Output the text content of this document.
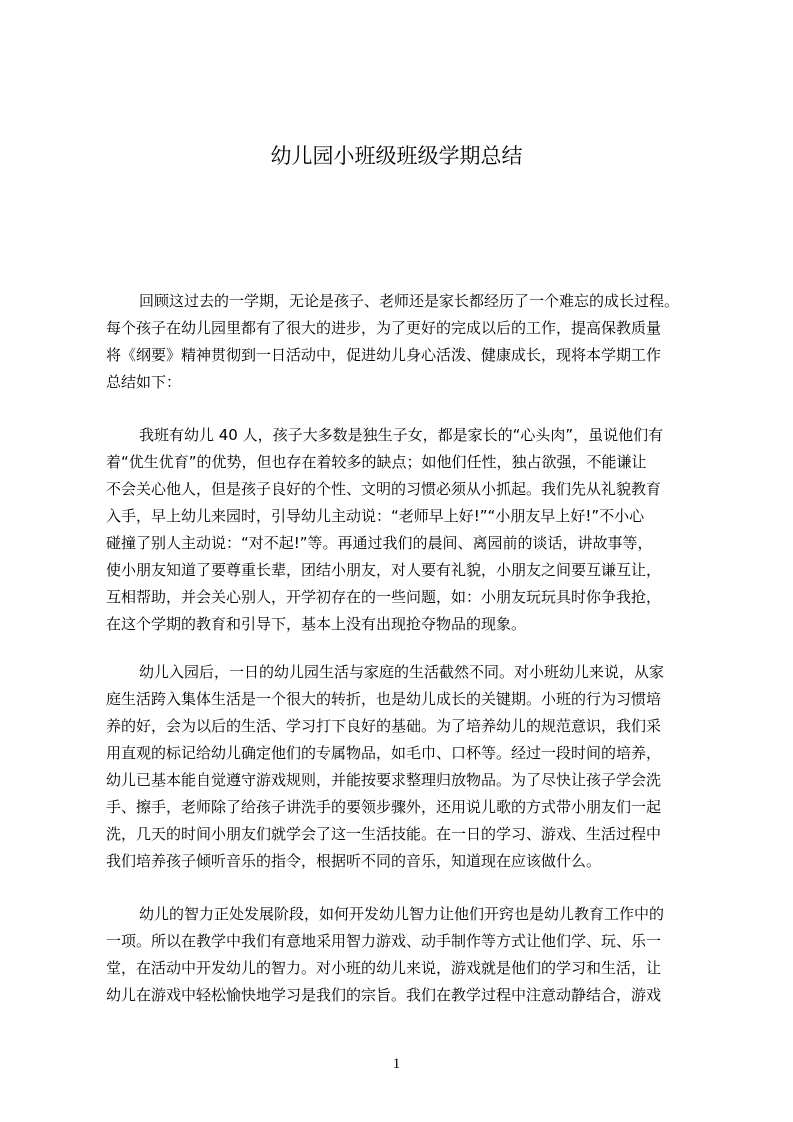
幼儿园小班级班级学期总结
回顾这过去的一学期，无论是孩子、老师还是家长都经历了一个难忘的成长过程。
每个孩子在幼儿园里都有了很大的进步，为了更好的完成以后的工作，提高保教质量
将《纲要》精神贯彻到一日活动中，促进幼儿身心活泼、健康成长，现将本学期工作
总结如下：
我班有幼儿 40 人，孩子大多数是独生子女，都是家长的“心头肉”，虽说他们有
着“优生优育”的优势，但也存在着较多的缺点；如他们任性，独占欲强，不能谦让
不会关心他人，但是孩子良好的个性、文明的习惯必须从小抓起。我们先从礼貌教育
入手，早上幼儿来园时，引导幼儿主动说：“老师早上好!”“小朋友早上好!”不小心
碰撞了别人主动说：“对不起!”等。再通过我们的晨间、离园前的谈话，讲故事等，
使小朋友知道了要尊重长辈，团结小朋友，对人要有礼貌，小朋友之间要互谦互让，
互相帮助，并会关心别人，开学初存在的一些问题，如：小朋友玩玩具时你争我抢，
在这个学期的教育和引导下，基本上没有出现抢夺物品的现象。
幼儿入园后，一日的幼儿园生活与家庭的生活截然不同。对小班幼儿来说，从家
庭生活跨入集体生活是一个很大的转折，也是幼儿成长的关键期。小班的行为习惯培
养的好，会为以后的生活、学习打下良好的基础。为了培养幼儿的规范意识，我们采
用直观的标记给幼儿确定他们的专属物品，如毛巾、口杯等。经过一段时间的培养，
幼儿已基本能自觉遵守游戏规则，并能按要求整理归放物品。为了尽快让孩子学会洗
手、擦手，老师除了给孩子讲洗手的要领步骤外，还用说儿歌的方式带小朋友们一起
洗，几天的时间小朋友们就学会了这一生活技能。在一日的学习、游戏、生活过程中
我们培养孩子倾听音乐的指令，根据听不同的音乐，知道现在应该做什么。
幼儿的智力正处发展阶段，如何开发幼儿智力让他们开窍也是幼儿教育工作中的
一项。所以在教学中我们有意地采用智力游戏、动手制作等方式让他们学、玩、乐一
堂，在活动中开发幼儿的智力。对小班的幼儿来说，游戏就是他们的学习和生活，让
幼儿在游戏中轻松愉快地学习是我们的宗旨。我们在教学过程中注意动静结合，游戏
1
